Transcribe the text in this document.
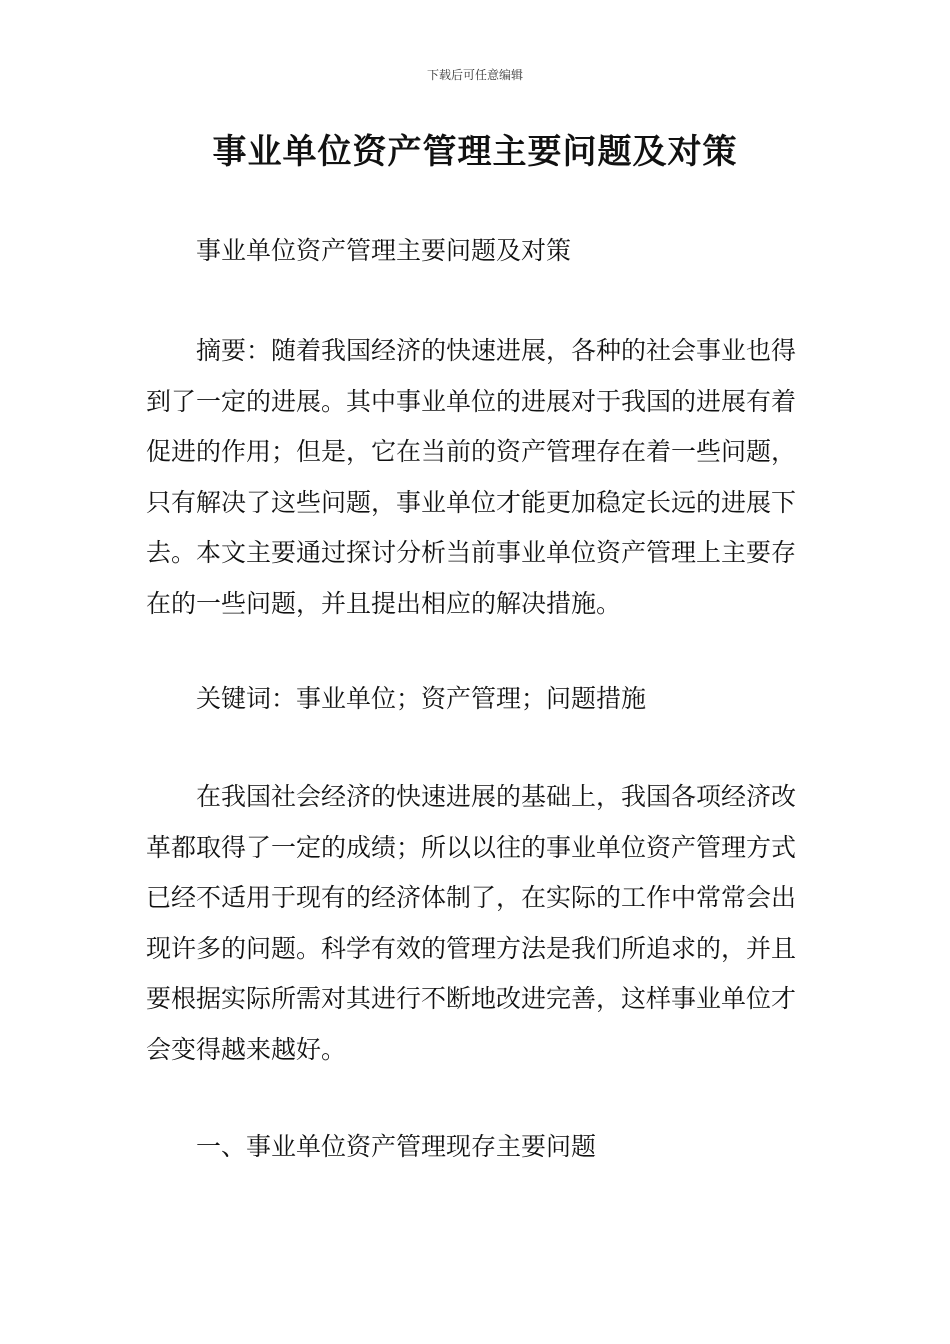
下载后可任意编辑
事业单位资产管理主要问题及对策

事业单位资产管理主要问题及对策

摘要：随着我国经济的快速进展，各种的社会事业也得到了一定的进展。其中事业单位的进展对于我国的进展有着促进的作用；但是，它在当前的资产管理存在着一些问题，只有解决了这些问题，事业单位才能更加稳定长远的进展下去。本文主要通过探讨分析当前事业单位资产管理上主要存在的一些问题，并且提出相应的解决措施。

关键词：事业单位；资产管理；问题措施

在我国社会经济的快速进展的基础上，我国各项经济改革都取得了一定的成绩；所以以往的事业单位资产管理方式已经不适用于现有的经济体制了，在实际的工作中常常会出现许多的问题。科学有效的管理方法是我们所追求的，并且要根据实际所需对其进行不断地改进完善，这样事业单位才会变得越来越好。

一、事业单位资产管理现存主要问题
